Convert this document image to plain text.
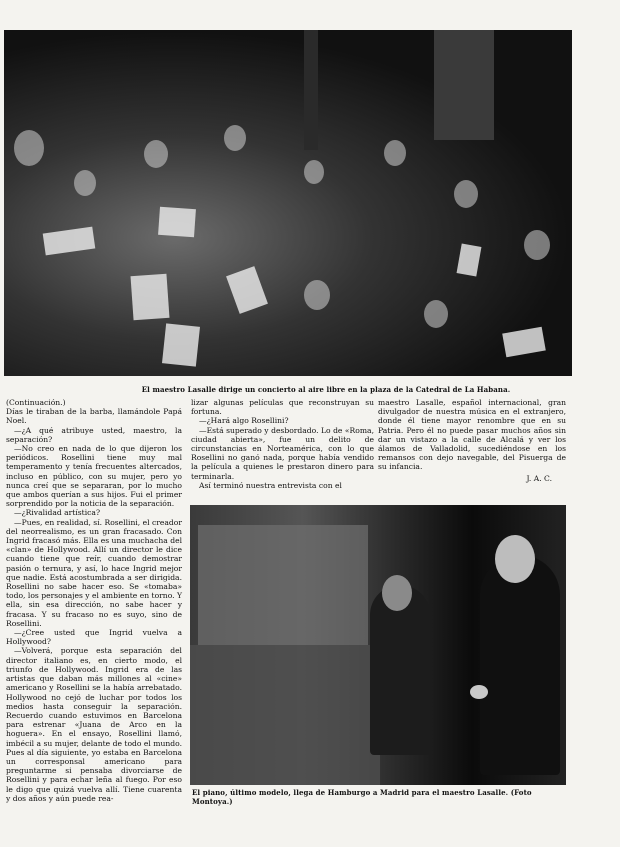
El maestro Lasalle dirige un concierto al aire libre en la plaza de la Catedral de La Habana.

(Continuación.)

Días le tiraban de la barba, llamándole Papá Noel.

—¿A qué atribuye usted, maestro, la separación?

—No creo en nada de lo que dijeron los periódicos. Rosellini tiene muy mal temperamento y tenía frecuentes altercados, incluso en público, con su mujer, pero yo nunca creí que se separaran, por lo mucho que ambos querían a sus hijos. Fui el primer sorprendido por la noticia de la separación.

—¿Rivalidad artística?

—Pues, en realidad, sí. Rosellini, el creador del neorrealismo, es un gran fracasado. Con Ingrid fracasó más. Ella es una muchacha del «clan» de Hollywood. Allí un director le dice cuando tiene que reír, cuando demostrar pasión o ternura, y así, lo hace Ingrid mejor que nadie. Está acostumbrada a ser dirigida. Rosellini no sabe hacer eso. Se «tomaba» todo, los personajes y el ambiente en torno. Y ella, sin esa dirección, no sabe hacer y fracasa. Y su fracaso no es suyo, sino de Rosellini.

—¿Cree usted que Ingrid vuelva a Hollywood?

—Volverá, porque esta separación del director italiano es, en cierto modo, el triunfo de Hollywood. Ingrid era de las artistas que daban más millones al «cine» americano y Rosellini se la había arrebatado. Hollywood no cejó de luchar por todos los medios hasta conseguir la separación. Recuerdo cuando estuvimos en Barcelona para estrenar «Juana de Arco en la hoguera». En el ensayo, Rosellini llamó, imbécil a su mujer, delante de todo el mundo. Pues al día siguiente, yo estaba en Barcelona un corresponsal americano para preguntarme si pensaba divorciarse de Rosellini y para echar leña al fuego. Por eso le digo que quizá vuelva allí. Tiene cuarenta y dos años y aún puede rea-

lizar algunas películas que reconstruyan su fortuna.

—¿Hará algo Rosellini?

—Está superado y desbordado. Lo de «Roma, ciudad abierta», fue un delito de circunstancias en Norteamérica, con lo que Rosellini no ganó nada, porque había vendido la película a quienes le prestaron dinero para terminarla.

Así terminó nuestra entrevista con el

maestro Lasalle, español internacional, gran divulgador de nuestra música en el extranjero, donde él tiene mayor renombre que en su Patria. Pero él no puede pasar muchos años sin dar un vistazo a la calle de Alcalá y ver los álamos de Valladolid, sucediéndose en los remansos con dejo navegable, del Pisuerga de su infancia.

J. A. C.
El piano, último modelo, llega de Hamburgo a Madrid para el maestro Lasalle. (Foto Montoya.)
